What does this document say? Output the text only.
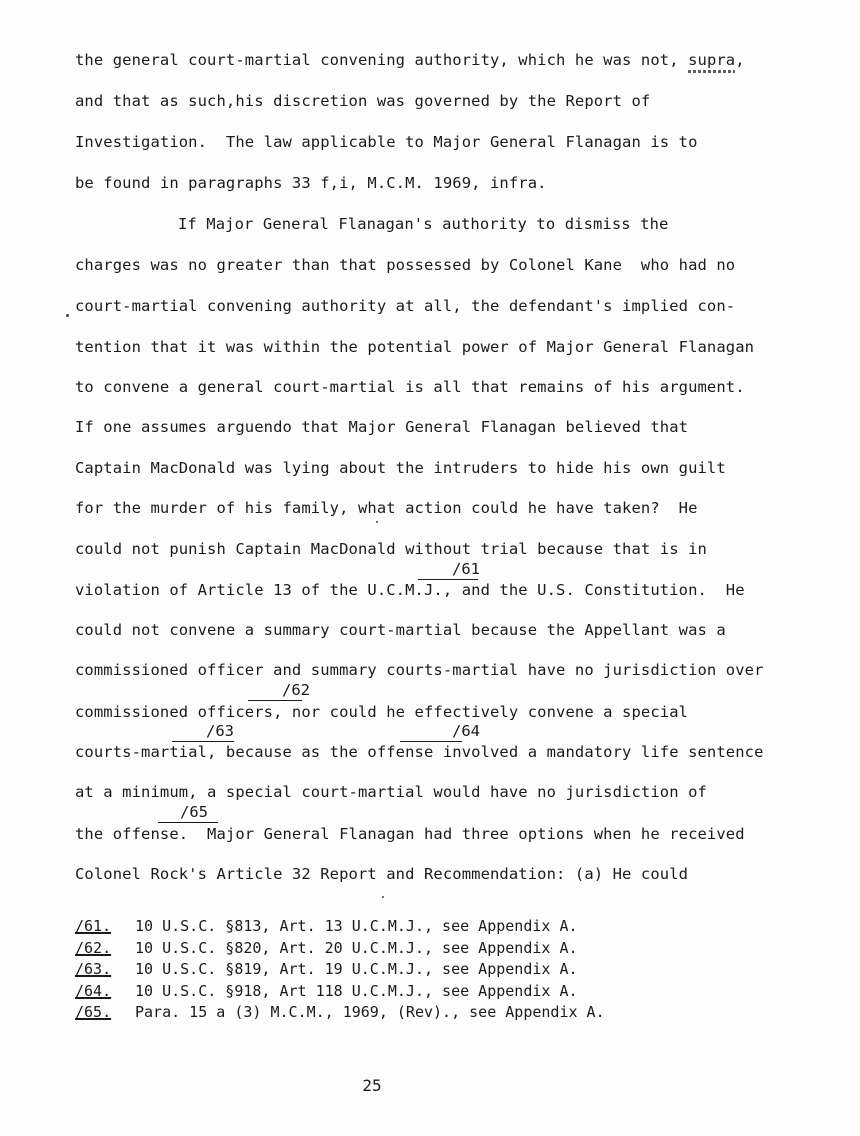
the general court-martial convening authority, which he was not, supra,
and that as such,his discretion was governed by the Report of
Investigation.  The law applicable to Major General Flanagan is to
be found in paragraphs 33 f,i, M.C.M. 1969, infra.
If Major General Flanagan's authority to dismiss the
charges was no greater than that possessed by Colonel Kane  who had no
court-martial convening authority at all, the defendant's implied con-
tention that it was within the potential power of Major General Flanagan
to convene a general court-martial is all that remains of his argument.
If one assumes arguendo that Major General Flanagan believed that
Captain MacDonald was lying about the intruders to hide his own guilt
for the murder of his family, what action could he have taken?  He
could not punish Captain MacDonald without trial because that is in
/61
violation of Article 13 of the U.C.M.J., and the U.S. Constitution.  He
could not convene a summary court-martial because the Appellant was a
commissioned officer and summary courts-martial have no jurisdiction over
/62
commissioned officers, nor could he effectively convene a special
/63	/64
courts-martial, because as the offense involved a mandatory life sentence
at a minimum, a special court-martial would have no jurisdiction of
/65
the offense.  Major General Flanagan had three options when he received
Colonel Rock's Article 32 Report and Recommendation: (a) He could
/61. 10 U.S.C. §813, Art. 13 U.C.M.J., see Appendix A.
/62. 10 U.S.C. §820, Art. 20 U.C.M.J., see Appendix A.
/63. 10 U.S.C. §819, Art. 19 U.C.M.J., see Appendix A.
/64. 10 U.S.C. §918, Art 118 U.C.M.J., see Appendix A.
/65. Para. 15 a (3) M.C.M., 1969, (Rev)., see Appendix A.
25
